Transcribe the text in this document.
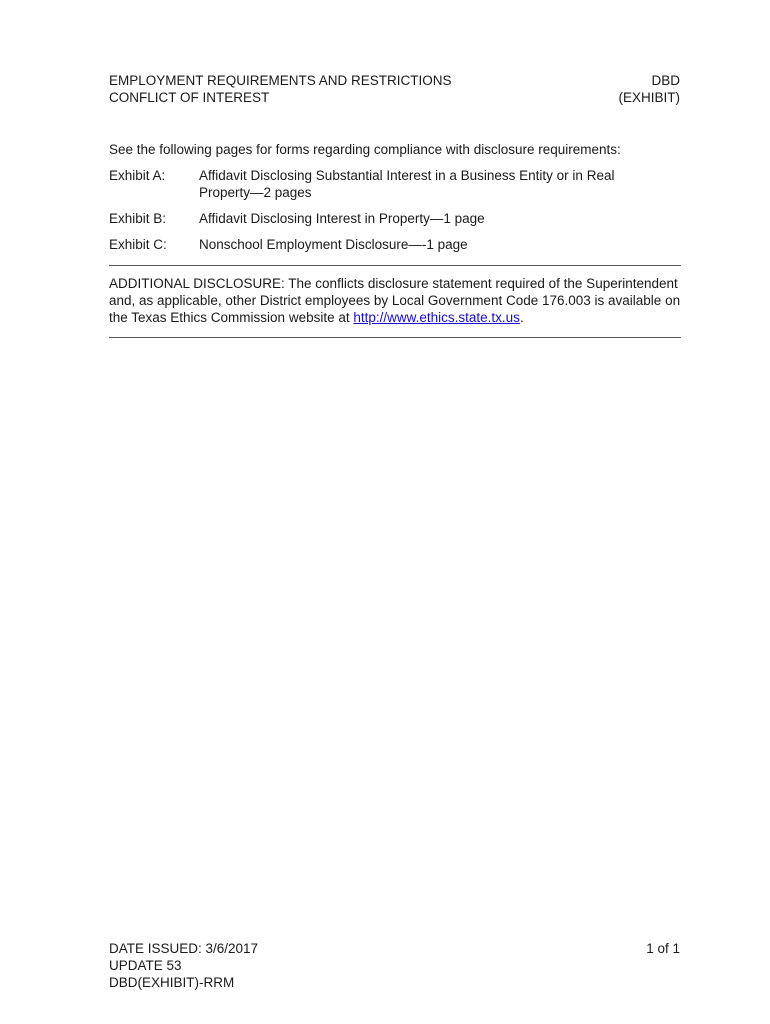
EMPLOYMENT REQUIREMENTS AND RESTRICTIONS	DBD
CONFLICT OF INTEREST	(EXHIBIT)
See the following pages for forms regarding compliance with disclosure requirements:
Exhibit A:	Affidavit Disclosing Substantial Interest in a Business Entity or in Real Property—2 pages
Exhibit B:	Affidavit Disclosing Interest in Property—1 page
Exhibit C:	Nonschool Employment Disclosure—-1 page

ADDITIONAL DISCLOSURE: The conflicts disclosure statement required of the Superintendent and, as applicable, other District employees by Local Government Code 176.003 is available on the Texas Ethics Commission website at http://www.ethics.state.tx.us.

DATE ISSUED: 3/6/2017	1 of 1
UPDATE 53
DBD(EXHIBIT)-RRM
